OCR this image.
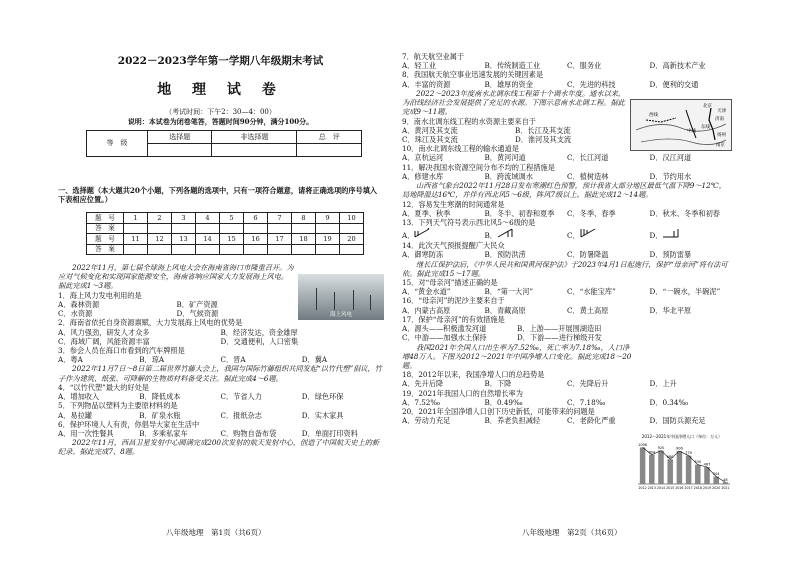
2022－2023学年第一学期八年级期末考试
地 理 试 卷
（考试时间：下午2：30—4：00）
说明：本试卷为闭卷笔答，答题时间90分钟，满分100分。
等　级	选择题	非选择题	总　评

一、选择题（本大题共20个小题，下列各题的选项中，只有一项符合题意，请将正确选项的序号填入下表相应位置。）

题　号	1	2	3	4	5	6	7	8	9	10
答　案										
题　号	11	12	13	14	15	16	17	18	19	20
答　案										

2022年11月，第七届全球海上风电大会在海南省海口市隆重召开。为应对气候变化和实现国家能源安全，海南省响应国家大力发展海上风电。据此完成1～3题。

1．海上风力发电利用的是

A．森林资源	B．矿产资源
C．水资源	D．气候资源

2．海南省依托自身资源禀赋，大力发展海上风电的优势是

A．风力强劲，研发人才众多	B．经济发达，资金雄厚
C．海域广阔，风能资源丰富	D．交通便利，人口密集

3．参会人员在海口市看到的汽车牌照是

A．粤A	B．琼A	C．晋A	D．冀A

2022年11月7日～8日第二届世界竹藤大会上，我国与国际竹藤组织共同发起“以竹代塑”倡议，竹子作为建筑、纸张、可降解的生物质材料备受关注。据此完成4～6题。

4．“以竹代塑”最大的好处是

A．增加收入	B．降低成本	C．节省人力	D．绿色环保

5．下列物品以塑料为主要原材料的是

A．易拉罐	B．矿泉水瓶	C．报纸杂志	D．实木家具

6．保护环境人人有责，你倡导大家在生活中

A．用一次性餐具	B．多乘私家车	C．购物自备布袋	D．单面打印资料

2022年11月，西昌卫星发射中心圆满完成200次发射的航天发射中心，创造了中国航天史上的新纪录。据此完成7、8题。

海上风电
八年级地理　第1页（共6页）

7．航天航空业属于

A．轻工业	B．传统制造工业	C．服务业	D．高新技术产业

8．我国航天航空事业迅速发展的关键因素是

A．丰富的资源	B．雄厚的资金	C．先进的科技	D．便利的交通

2022～2023年度南水北调东线工程第十个调水年度。通水以来，为沿线经济社会发展提供了充足的水源。下图示意南水北调工程。据此完成9～11题。

9．南水北调东线工程的水资源主要来自于

A．黄河及其支流	B．长江及其支流
C．珠江及其支流	D．淮河及其支流

10．南水北调东线工程的输水通道是

A．京杭运河	B．黄河河道	C．长江河道	D．汉江河道

11．解决我国水资源空间分布不均的工程措施是

A．修建水库	B．跨流域调水	C．植树造林	D．节约用水

山西省气象台2022年11月28日发布寒潮红色预警，预计我省大部分地区最低气温下降9～12℃，局地降温达16℃，并伴有西北风5～6级，阵风7级以上。据此完成12～14题。

12．容易发生寒潮的时间通常是

A．夏季、秋季	B．冬半、初春和夏季	C．冬季、春季	D．秋末、冬季和初春

13．下列天气符号表示西北风5～6级的是

A．	B．	C．	D．

14．此次天气预报提醒广大民众

A．御寒防冻	B．预防洪涝	C．防暑降温	D．预防雷暴

继长江保护法后，《中华人民共和国黄河保护法》于2023年4月1日起施行，保护“母亲河”将有法可依。据此完成15～17题。

15．对“母亲河”描述正确的是

A．“黄金水道”	B．“第一大河”	C．“水能宝库”	D．“一碗水，半碗泥”

16．“母亲河”的泥沙主要来自于

A．内蒙古高原	B．青藏高原	C．黄土高原	D．华北平原

17．保护“母亲河”的有效措施是

A．源头——积极滥发河道	B．上游——开展围湖造田
C．中游——加强水土保持	D．下游——进行梯级开发

我国2021年全国人口出生率为7.52‰，死亡率为7.18‰，人口净增48万人。下图为2012～2021年中国净增人口变化。据此完成18～20题。

18．2012年以来，我国净增人口的总趋势是

A．先升后降	B．下降	C．先降后升	D．上升

19．2021年我国人口的自然增长率为

A．7.52‰	B．0.49‰	C．7.18‰	D．0.34‰

20．2021年全国净增人口创下历史新低，可能带来的问题是

A．劳动力充足	B．养老负担减轻	C．老龄化严重	D．国防兵源充足
北京
天津
济南
南京
扬州
东线
中线
西线
2012～2021年中国净增人口（单位：万人）
1006
2012
804
2013
920
2014
680
2015
906
2016
779
2017
530
2018
467
2019
204
2020
48
2021
八年级地理　第2页（共6页）
